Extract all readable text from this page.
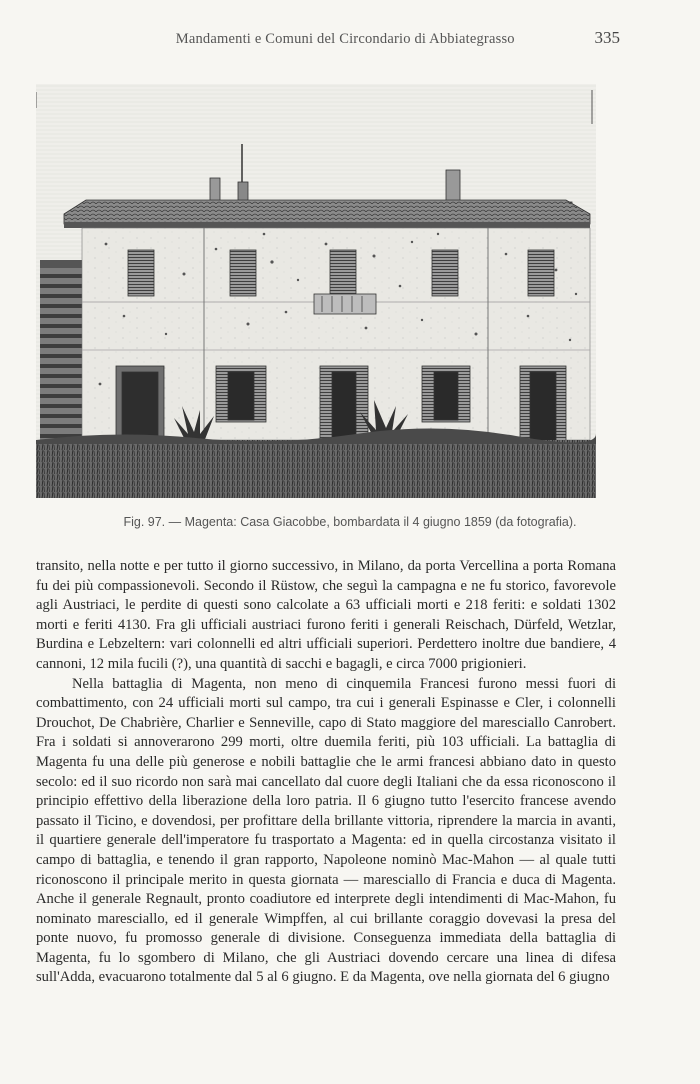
Mandamenti e Comuni del Circondario di Abbiategrasso	335
Fig. 97. — Magenta: Casa Giacobbe, bombardata il 4 giugno 1859 (da fotografia).

transito, nella notte e per tutto il giorno successivo, in Milano, da porta Vercellina a porta Romana fu dei più compassionevoli. Secondo il Rüstow, che seguì la campagna e ne fu storico, favorevole agli Austriaci, le perdite di questi sono calcolate a 63 ufficiali morti e 218 feriti: e soldati 1302 morti e feriti 4130. Fra gli ufficiali austriaci furono feriti i generali Reischach, Dürfeld, Wetzlar, Burdina e Lebzeltern: vari colonnelli ed altri ufficiali superiori. Perdettero inoltre due bandiere, 4 cannoni, 12 mila fucili (?), una quantità di sacchi e bagagli, e circa 7000 prigionieri.

Nella battaglia di Magenta, non meno di cinquemila Francesi furono messi fuori di combattimento, con 24 ufficiali morti sul campo, tra cui i generali Espinasse e Cler, i colonnelli Drouchot, De Chabrière, Charlier e Senneville, capo di Stato maggiore del maresciallo Canrobert. Fra i soldati si annoverarono 299 morti, oltre duemila feriti, più 103 ufficiali. La battaglia di Magenta fu una delle più generose e nobili battaglie che le armi francesi abbiano dato in questo secolo: ed il suo ricordo non sarà mai cancellato dal cuore degli Italiani che da essa riconoscono il principio effettivo della liberazione della loro patria. Il 6 giugno tutto l'esercito francese avendo passato il Ticino, e dovendosi, per profittare della brillante vittoria, riprendere la marcia in avanti, il quartiere generale dell'imperatore fu trasportato a Magenta: ed in quella circostanza visitato il campo di battaglia, e tenendo il gran rapporto, Napoleone nominò Mac-Mahon — al quale tutti riconoscono il principale merito in questa giornata — maresciallo di Francia e duca di Magenta. Anche il generale Regnault, pronto coadiutore ed interprete degli intendimenti di Mac-Mahon, fu nominato maresciallo, ed il generale Wimpffen, al cui brillante coraggio dovevasi la presa del ponte nuovo, fu promosso generale di divisione. Conseguenza immediata della battaglia di Magenta, fu lo sgombero di Milano, che gli Austriaci dovendo cercare una linea di difesa sull'Adda, evacuarono totalmente dal 5 al 6 giugno. E da Magenta, ove nella giornata del 6 giugno
